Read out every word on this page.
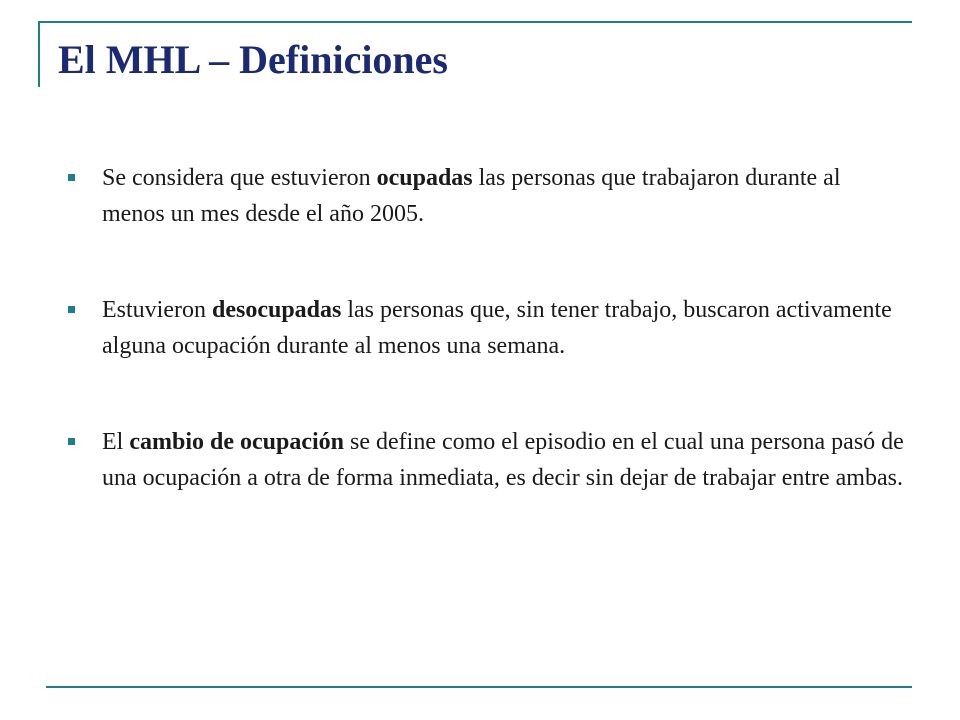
El MHL – Definiciones
Se considera que estuvieron ocupadas las personas que trabajaron durante al menos un mes desde el año 2005.
Estuvieron desocupadas las personas que, sin tener trabajo, buscaron activamente alguna ocupación durante al menos una semana.
El cambio de ocupación se define como el episodio en el cual una persona pasó de una ocupación a otra de forma inmediata, es decir sin dejar de trabajar entre ambas.
